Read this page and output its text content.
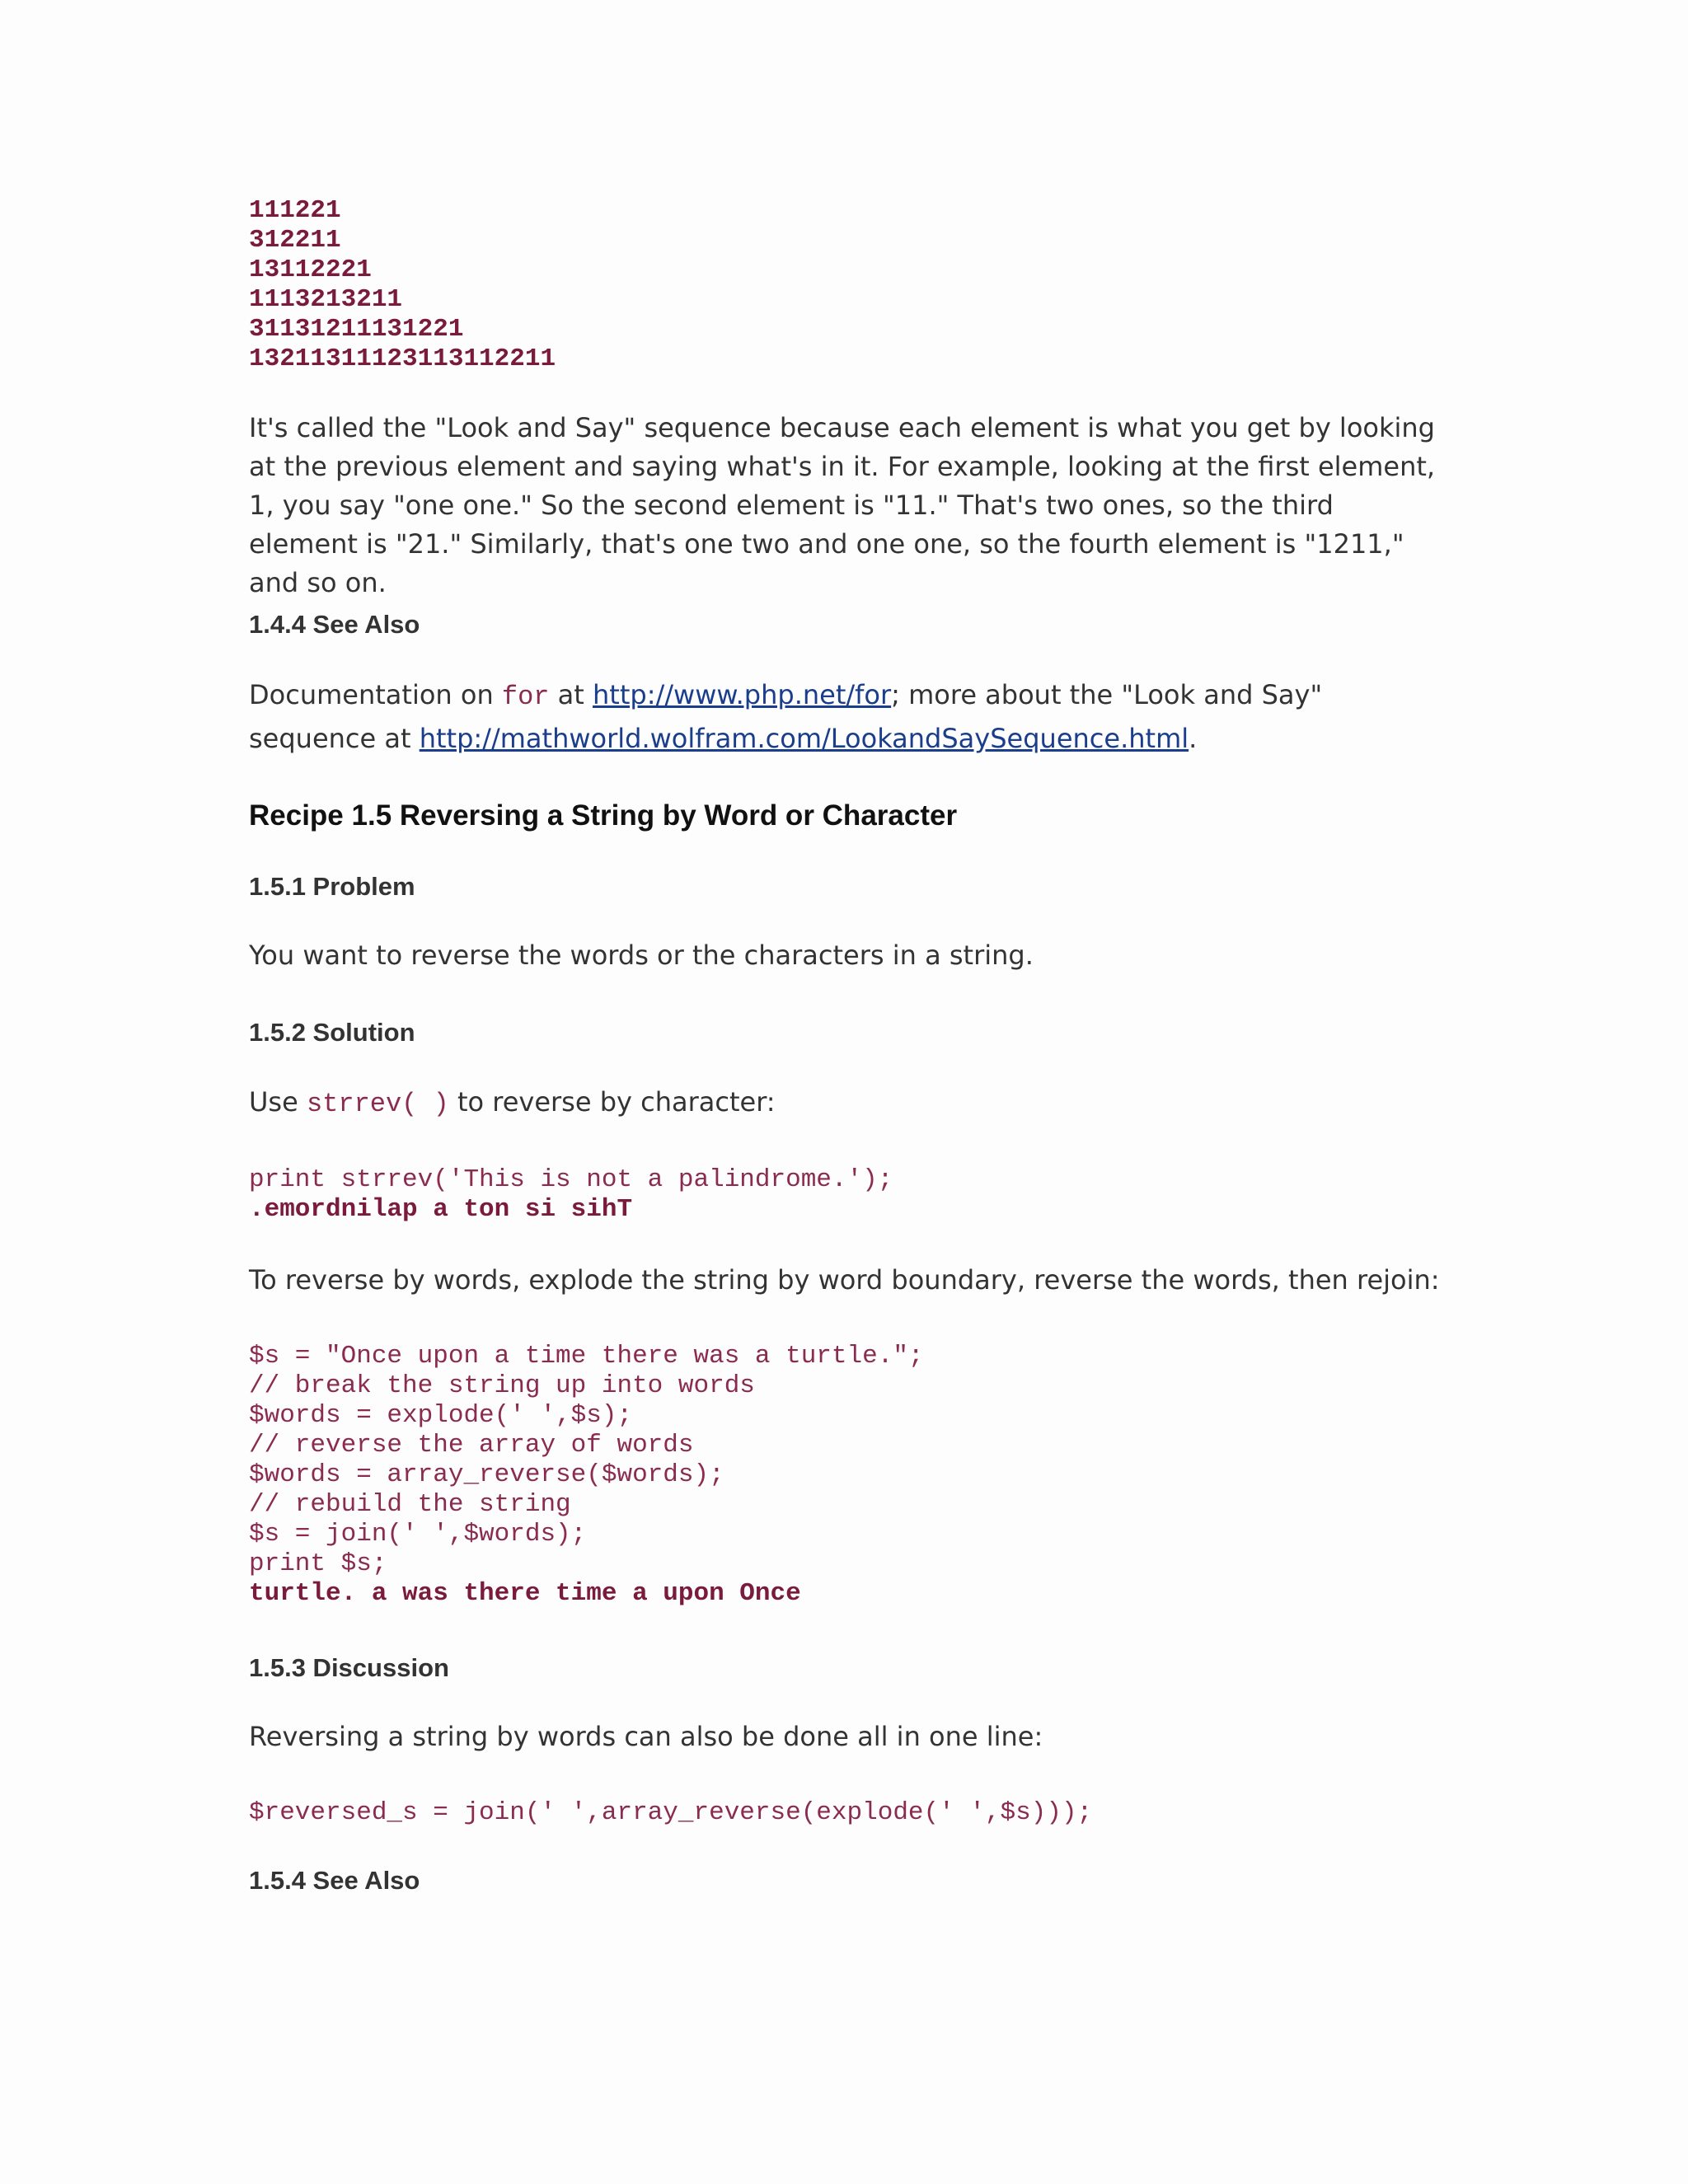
111221
312211
13112221
1113213211
31131211131221
13211311123113112211

It's called the "Look and Say" sequence because each element is what you get by looking at the previous element and saying what's in it. For example, looking at the first element, 1, you say "one one." So the second element is "11." That's two ones, so the third element is "21." Similarly, that's one two and one one, so the fourth element is "1211," and so on.

1.4.4 See Also

Documentation on for at http://www.php.net/for; more about the "Look and Say" sequence at http://mathworld.wolfram.com/LookandSaySequence.html.

Recipe 1.5 Reversing a String by Word or Character
1.5.1 Problem

You want to reverse the words or the characters in a string.

1.5.2 Solution

Use strrev( ) to reverse by character:

print strrev('This is not a palindrome.');
.emordnilap a ton si sihT

To reverse by words, explode the string by word boundary, reverse the words, then rejoin:

$s = "Once upon a time there was a turtle.";
// break the string up into words
$words = explode(' ',$s);
// reverse the array of words
$words = array_reverse($words);
// rebuild the string
$s = join(' ',$words);
print $s;
turtle. a was there time a upon Once
1.5.3 Discussion

Reversing a string by words can also be done all in one line:

$reversed_s = join(' ',array_reverse(explode(' ',$s)));
1.5.4 See Also
